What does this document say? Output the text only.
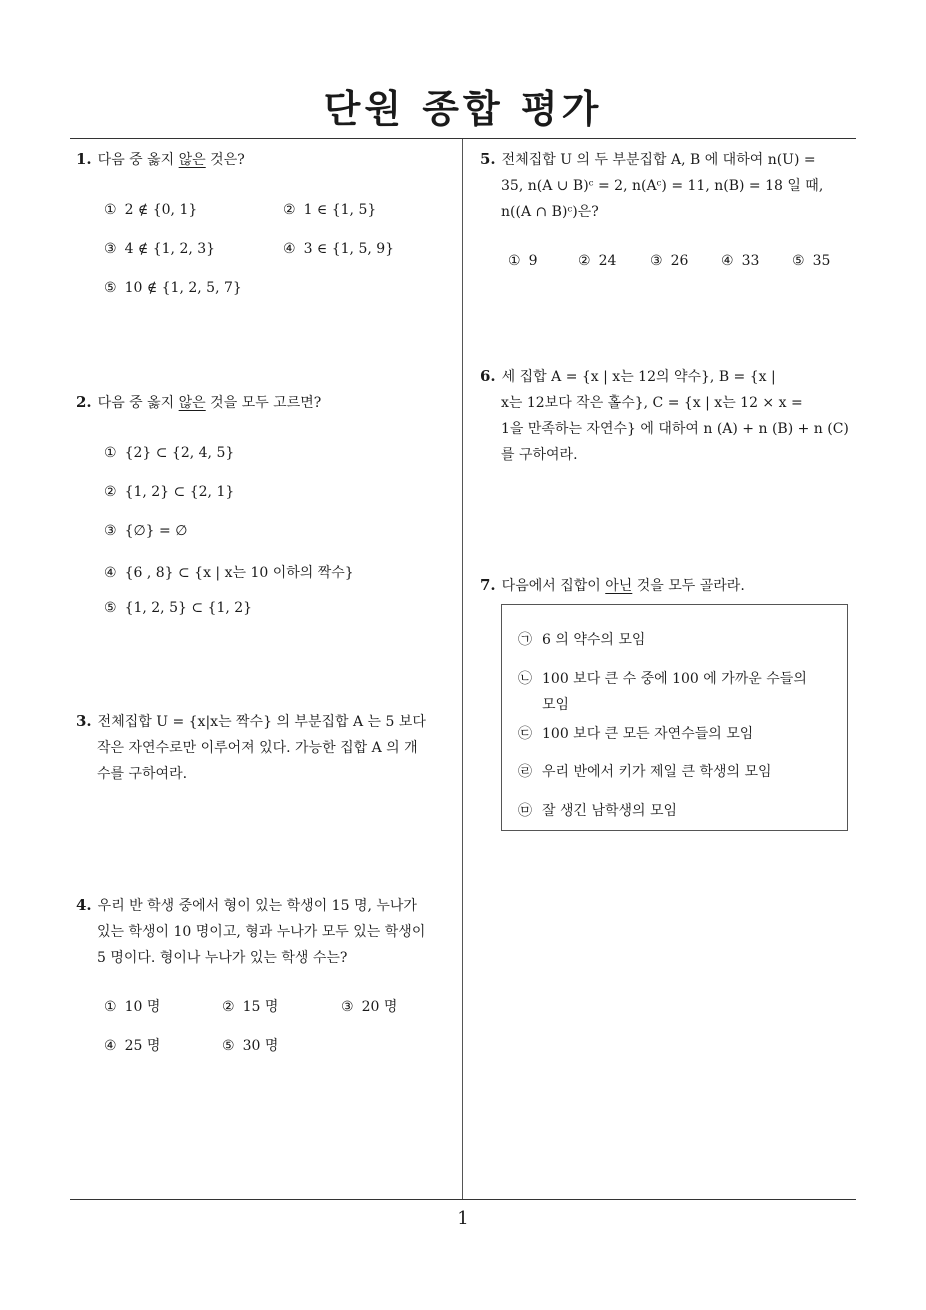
단원 종합 평가
1
1. 다음 중 옳지 않은 것은?
① 2 ∉ {0, 1}	② 1 ∈ {1, 5}
③ 4 ∉ {1, 2, 3}	④ 3 ∈ {1, 5, 9}
⑤ 10 ∉ {1, 2, 5, 7}
2. 다음 중 옳지 않은 것을 모두 고르면?
① {2} ⊂ {2, 4, 5}
② {1, 2} ⊂ {2, 1}
③ {∅} = ∅
④ {6 , 8} ⊂ {x | x는 10 이하의 짝수}
⑤ {1, 2, 5} ⊂ {1, 2}
3. 전체집합 U = {x|x는 짝수} 의 부분집합 A 는 5 보다
작은 자연수로만 이루어져 있다. 가능한 집합 A 의 개
수를 구하여라.
4. 우리 반 학생 중에서 형이 있는 학생이 15 명, 누나가
있는 학생이 10 명이고, 형과 누나가 모두 있는 학생이
5 명이다. 형이나 누나가 있는 학생 수는?
① 10 명	② 15 명	③ 20 명
④ 25 명	⑤ 30 명
5. 전체집합 U 의 두 부분집합 A, B 에 대하여 n(U) =
35, n(A ∪ B)ᶜ = 2, n(Aᶜ) = 11, n(B) = 18 일 때,
n((A ∩ B)ᶜ)은?
① 9	② 24 ③ 26 ④ 33 ⑤ 35
6. 세 집합 A = {x | x는 12의 약수}, B = {x |
x는 12보다 작은 홀수}, C = {x | x는 12 × x =
1을 만족하는 자연수} 에 대하여 n (A) + n (B) + n (C)
를 구하여라.
7. 다음에서 집합이 아닌 것을 모두 골라라.
㉠ 6 의 약수의 모임
㉡ 100 보다 큰 수 중에 100 에 가까운 수들의
모임
㉢ 100 보다 큰 모든 자연수들의 모임
㉣ 우리 반에서 키가 제일 큰 학생의 모임
㉤ 잘 생긴 남학생의 모임
